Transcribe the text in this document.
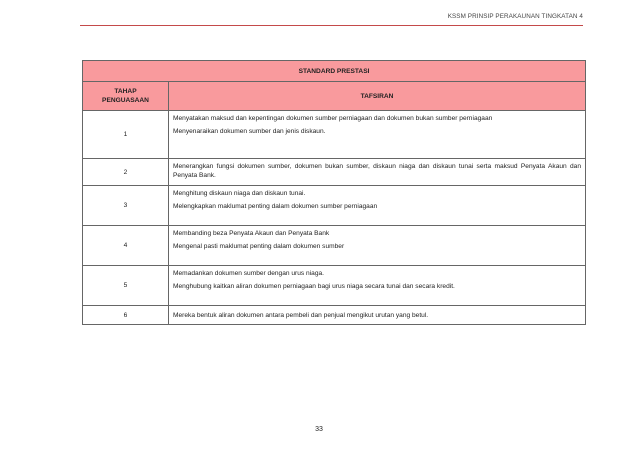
KSSM PRINSIP PERAKAUNAN TINGKATAN 4
STANDARD PRESTASI	
TAHAP
PENGUASAAN	TAFSIRAN
1	Menyatakan maksud dan kepentingan dokumen sumber perniagaan dan dokumen bukan sumber perniagaan

Menyenaraikan dokumen sumber dan jenis diskaun.

2	Menerangkan fungsi dokumen sumber, dokumen bukan sumber, diskaun niaga dan diskaun tunai serta maksud Penyata Akaun dan Penyata Bank.

3	Menghitung diskaun niaga dan diskaun tunai.

Melengkapkan maklumat penting dalam dokumen sumber perniagaan

4	Membanding beza Penyata Akaun dan Penyata Bank

Mengenal pasti maklumat penting dalam dokumen sumber

5	Memadankan dokumen sumber dengan urus niaga.

Menghubung kaitkan aliran dokumen perniagaan bagi urus niaga secara tunai dan secara kredit.

6	Mereka bentuk aliran dokumen antara pembeli dan penjual mengikut urutan yang betul.

33
